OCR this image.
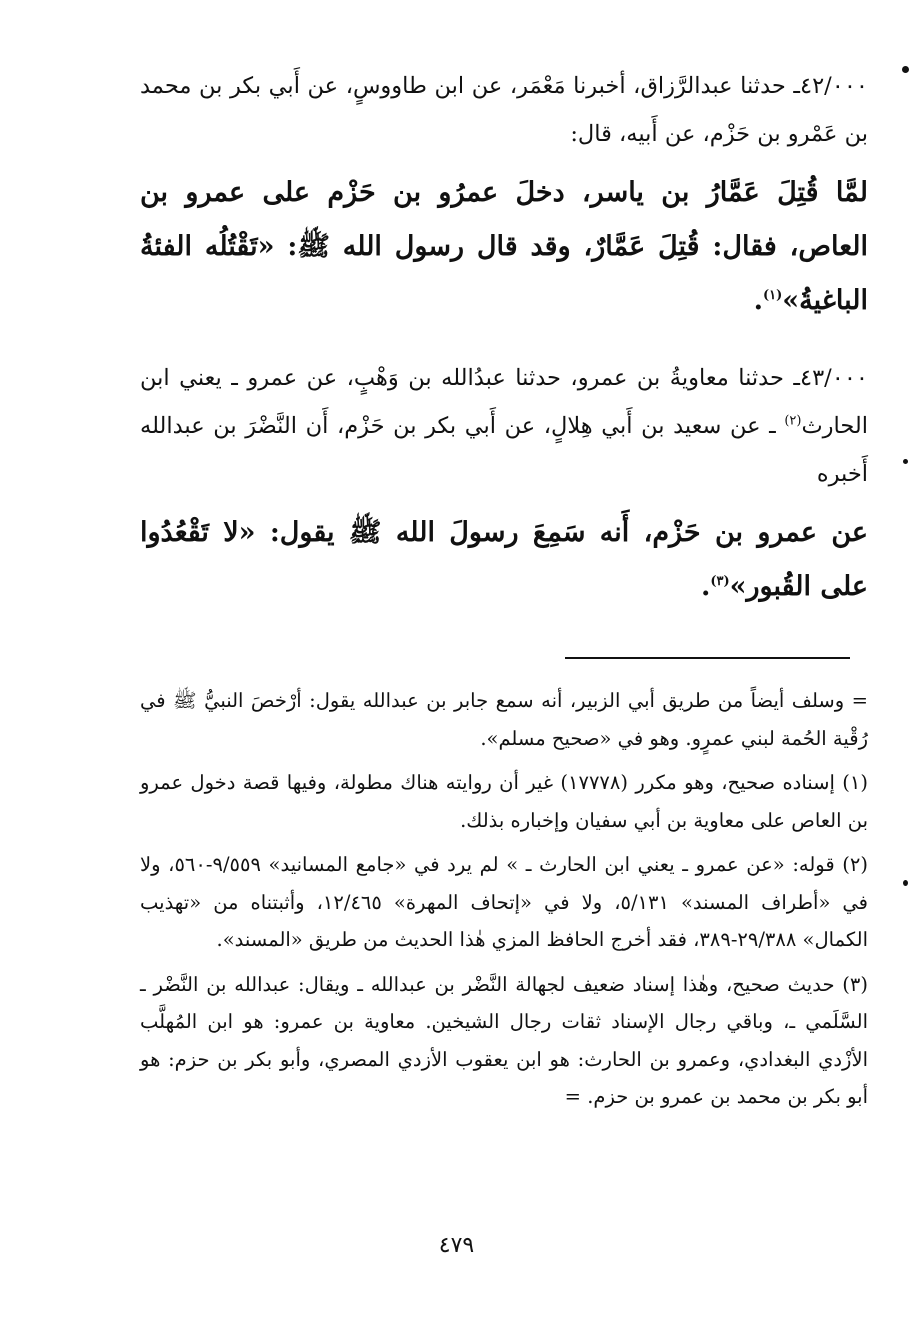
٤٢/٠٠٠ـ حدثنا عبدالرَّزاق، أخبرنا مَعْمَر، عن ابن طاووسٍ، عن أَبي بكر بن محمد بن عَمْرو بن حَزْم، عن أَبيه، قال:

لمَّا قُتِلَ عَمَّارُ بن ياسر، دخلَ عمرُو بن حَزْم على عمرو بن العاص، فقال: قُتِلَ عَمَّارٌ، وقد قال رسول الله ﷺ: «تَقْتُلُه الفئةُ الباغيةُ»$^{(١)}$.

٤٣/٠٠٠ـ حدثنا معاويةُ بن عمرو، حدثنا عبدُالله بن وَهْبٍ، عن عمرو ـ يعني ابن الحارث$^{(٢)}$ ـ عن سعيد بن أَبي هِلالٍ، عن أَبي بكر بن حَزْم، أَن النَّضْرَ بن عبدالله أَخبره

عن عمرو بن حَزْم، أَنه سَمِعَ رسولَ الله ﷺ يقول: «لا تَقْعُدُوا على القُبور»$^{(٣)}$.

= وسلف أيضاً من طريق أبي الزبير، أنه سمع جابر بن عبدالله يقول: أرْخصَ النبيُّ ﷺ في رُقْية الحُمة لبني عمرٍو. وهو في «صحيح مسلم».

(١) إسناده صحيح، وهو مكرر (١٧٧٧٨) غير أن روايته هناك مطولة، وفيها قصة دخول عمرو بن العاص على معاوية بن أبي سفيان وإخباره بذلك.

(٢) قوله: «عن عمرو ـ يعني ابن الحارث ـ » لم يرد في «جامع المسانيد» ٩/٥٥٩-٥٦٠، ولا في «أطراف المسند» ٥/١٣١، ولا في «إتحاف المهرة» ١٢/٤٦٥، وأثبتناه من «تهذيب الكمال» ٢٩/٣٨٨-٣٨٩، فقد أخرج الحافظ المزي هٰذا الحديث من طريق «المسند».

(٣) حديث صحيح، وهٰذا إسناد ضعيف لجهالة النَّضْر بن عبدالله ـ ويقال: عبدالله بن النَّضْر ـ السَّلَمي ـ، وباقي رجال الإسناد ثقات رجال الشيخين. معاوية بن عمرو: هو ابن المُهلَّب الأزْدي البغدادي، وعمرو بن الحارث: هو ابن يعقوب الأزدي المصري، وأبو بكر بن حزم: هو أبو بكر بن محمد بن عمرو بن حزم. =

٤٧٩
